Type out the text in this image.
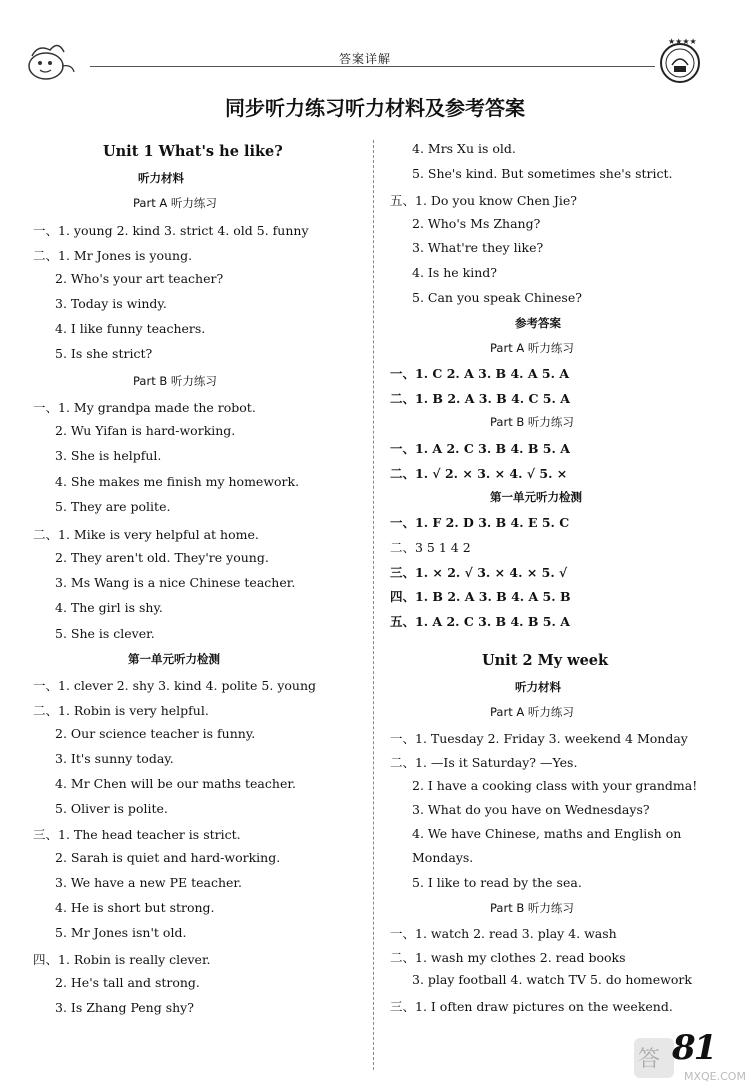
答案详解
★★★★
同步听力练习听力材料及参考答案
Unit 1 What's he like?
听力材料
Part A 听力练习
一、1. young 2. kind 3. strict 4. old 5. funny
二、1. Mr Jones is young.
2. Who's your art teacher?
3. Today is windy.
4. I like funny teachers.
5. Is she strict?
Part B 听力练习
一、1. My grandpa made the robot.
2. Wu Yifan is hard-working.
3. She is helpful.
4. She makes me finish my homework.
5. They are polite.
二、1. Mike is very helpful at home.
2. They aren't old. They're young.
3. Ms Wang is a nice Chinese teacher.
4. The girl is shy.
5. She is clever.
第一单元听力检测
一、1. clever 2. shy 3. kind 4. polite 5. young
二、1. Robin is very helpful.
2. Our science teacher is funny.
3. It's sunny today.
4. Mr Chen will be our maths teacher.
5. Oliver is polite.
三、1. The head teacher is strict.
2. Sarah is quiet and hard-working.
3. We have a new PE teacher.
4. He is short but strong.
5. Mr Jones isn't old.
四、1. Robin is really clever.
2. He's tall and strong.
3. Is Zhang Peng shy?
4. Mrs Xu is old.
5. She's kind. But sometimes she's strict.
五、1. Do you know Chen Jie?
2. Who's Ms Zhang?
3. What're they like?
4. Is he kind?
5. Can you speak Chinese?
参考答案
Part A 听力练习
一、1. C 2. A 3. B 4. A 5. A
二、1. B 2. A 3. B 4. C 5. A
Part B 听力练习
一、1. A 2. C 3. B 4. B 5. A
二、1. √ 2. × 3. × 4. √ 5. ×
第一单元听力检测
一、1. F 2. D 3. B 4. E 5. C
二、3 5 1 4 2
三、1. × 2. √ 3. × 4. × 5. √
四、1. B 2. A 3. B 4. A 5. B
五、1. A 2. C 3. B 4. B 5. A
Unit 2 My week
听力材料
Part A 听力练习
一、1. Tuesday 2. Friday 3. weekend 4 Monday
二、1. —Is it Saturday? —Yes.
2. I have a cooking class with your grandma!
3. What do you have on Wednesdays?
4. We have Chinese, maths and English on
Mondays.
5. I like to read by the sea.
Part B 听力练习
一、1. watch 2. read 3. play 4. wash
二、1. wash my clothes 2. read books
3. play football 4. watch TV 5. do homework
三、1. I often draw pictures on the weekend.
答
MXQE.COM
81
